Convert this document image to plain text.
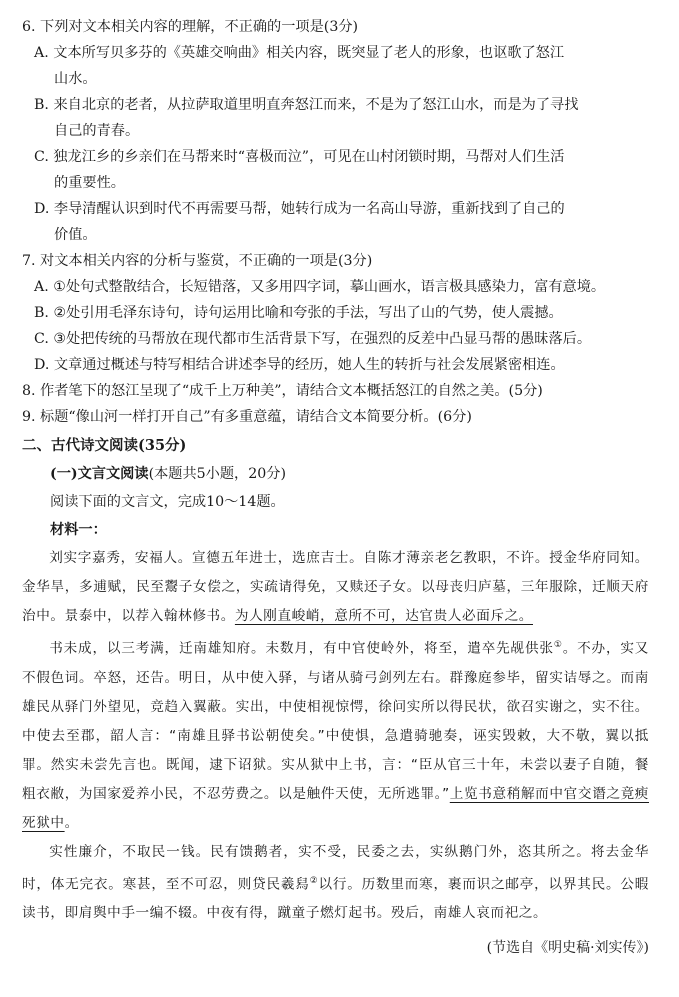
6. 下列对文本相关内容的理解，不正确的一项是(3分)

A. 文本所写贝多芬的《英雄交响曲》相关内容，既突显了老人的形象，也讴歌了怒江
山水。

B. 来自北京的老者，从拉萨取道里明直奔怒江而来，不是为了怒江山水，而是为了寻找
自己的青春。

C. 独龙江乡的乡亲们在马帮来时“喜极而泣”，可见在山村闭锁时期，马帮对人们生活
的重要性。

D. 李导清醒认识到时代不再需要马帮，她转行成为一名高山导游，重新找到了自己的
价值。

7. 对文本相关内容的分析与鉴赏，不正确的一项是(3分)

A. ①处句式整散结合，长短错落，又多用四字词，摹山画水，语言极具感染力，富有意境。

B. ②处引用毛泽东诗句，诗句运用比喻和夸张的手法，写出了山的气势，使人震撼。

C. ③处把传统的马帮放在现代都市生活背景下写，在强烈的反差中凸显马帮的愚昧落后。

D. 文章通过概述与特写相结合讲述李导的经历，她人生的转折与社会发展紧密相连。

8. 作者笔下的怒江呈现了“成千上万种美”，请结合文本概括怒江的自然之美。(5分)

9. 标题“像山河一样打开自己”有多重意蕴，请结合文本简要分析。(6分)

二、古代诗文阅读(35分)

(一)文言文阅读(本题共5小题，20分)

阅读下面的文言文，完成10～14题。

材料一：

刘实字嘉秀，安福人。宣德五年进士，选庶吉士。自陈才薄亲老乞教职，不许。授金华府同知。金华旱，多逋赋，民至鬻子女偿之，实疏请得免，又赎还子女。以母丧归庐墓，三年服除，迁顺天府治中。景泰中，以荐入翰林修书。为人刚直峻峭，意所不可，达官贵人必面斥之。

书未成，以三考满，迁南雄知府。未数月，有中官使岭外，将至，遣卒先觇供张①。不办，实又不假色词。卒怒，还告。明日，从中使入驿，与诸从骑弓剑列左右。群豫庭参毕，留实诘辱之。而南雄民从驿门外望见，竞趋入翼蔽。实出，中使相视惊愕，徐问实所以得民状，欲召实谢之，实不往。中使去至郡，韶人言：“南雄且驿书讼朝使矣。”中使惧，急遣骑驰奏，诬实毁敕，大不敬，翼以抵罪。然实未尝先言也。既闻，逮下诏狱。实从狱中上书，言：“臣从官三十年，未尝以妻子自随，餐粗衣敝，为国家爱养小民，不忍劳费之。以是触件天使，无所逃罪。”上览书意稍解而中官交谮之竟瘐死狱中。

实性廉介，不取民一钱。民有馈鹅者，实不受，民委之去，实纵鹅门外，恣其所之。将去金华时，体无完衣。寒甚，至不可忍，则贷民羲舄②以行。历数里而寒，裹而识之邮亭，以界其民。公暇读书，即肩舆中手一编不辍。中夜有得，蹴童子燃灯起书。殁后，南雄人哀而祀之。

(节选自《明史稿·刘实传》)
